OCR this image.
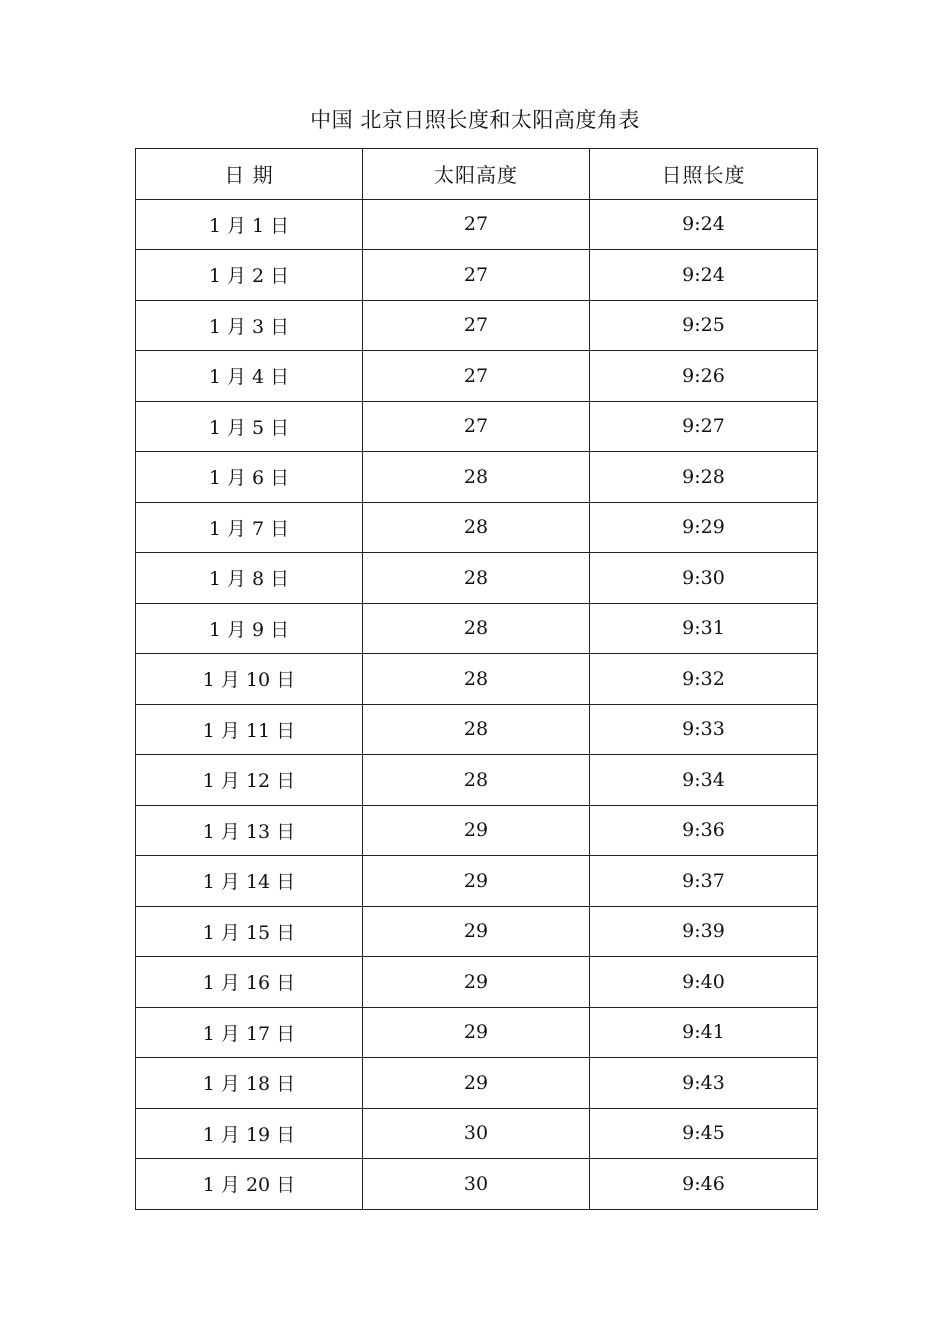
中国 北京日照长度和太阳高度角表
日 期	太阳高度	日照长度
1 月 1 日	27	9:24
1 月 2 日	27	9:24
1 月 3 日	27	9:25
1 月 4 日	27	9:26
1 月 5 日	27	9:27
1 月 6 日	28	9:28
1 月 7 日	28	9:29
1 月 8 日	28	9:30
1 月 9 日	28	9:31
1 月 10 日	28	9:32
1 月 11 日	28	9:33
1 月 12 日	28	9:34
1 月 13 日	29	9:36
1 月 14 日	29	9:37
1 月 15 日	29	9:39
1 月 16 日	29	9:40
1 月 17 日	29	9:41
1 月 18 日	29	9:43
1 月 19 日	30	9:45
1 月 20 日	30	9:46
